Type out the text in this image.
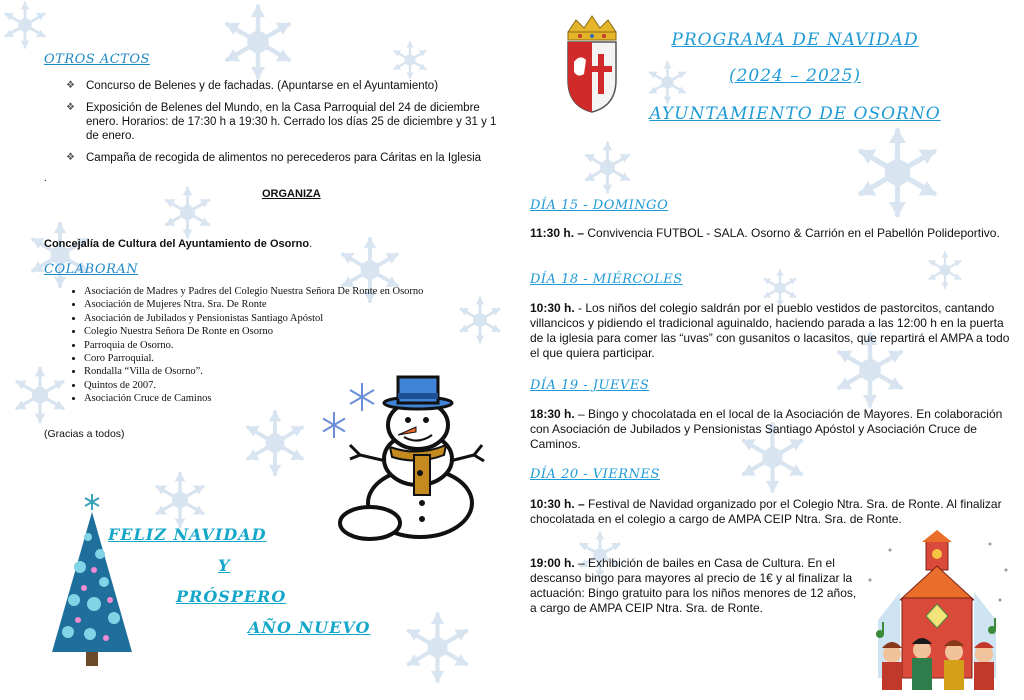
OTROS ACTOS
❖ Concurso de Belenes y de fachadas. (Apuntarse en el Ayuntamiento)
❖ Exposición de Belenes del Mundo, en la Casa Parroquial del 24 de diciembre enero. Horarios: de 17:30 h a 19:30 h. Cerrado los días 25 de diciembre y 31 y 1 de enero.
❖ Campaña de recogida de alimentos no perecederos para Cáritas en la Iglesia
.
ORGANIZA
Concejalía de Cultura del Ayuntamiento de Osorno.
COLABORAN
• Asociación de Madres y Padres del Colegio Nuestra Señora De Ronte en Osorno
• Asociación de Mujeres Ntra. Sra. De Ronte
• Asociación de Jubilados y Pensionistas Santiago Apóstol
• Colegio Nuestra Señora De Ronte en Osorno
• Parroquia de Osorno.
• Coro Parroquial.
• Rondalla “Villa de Osorno”.
• Quintos de 2007.
• Asociación Cruce de Caminos
(Gracias a todos)
FELIZ NAVIDAD
Y
PRÓSPERO
AÑO NUEVO
PROGRAMA DE NAVIDAD
(2024 – 2025)
AYUNTAMIENTO DE OSORNO
DÍA 15 - DOMINGO
11:30 h. – Convivencia FUTBOL - SALA. Osorno & Carrión en el Pabellón Polideportivo.
DÍA 18 - MIÉRCOLES
10:30 h. - Los niños del colegio saldrán por el pueblo vestidos de pastorcitos, cantando villancicos y pidiendo el tradicional aguinaldo, haciendo parada a las 12:00 h en la puerta de la iglesia para comer las “uvas” con gusanitos o lacasitos, que repartirá el AMPA a todo el que quiera participar.
DÍA 19 - JUEVES
18:30 h. – Bingo y chocolatada en el local de la Asociación de Mayores. En colaboración con Asociación de Jubilados y Pensionistas Santiago Apóstol y Asociación Cruce de Caminos.
DÍA 20 - VIERNES
10:30 h. – Festival de Navidad organizado por el Colegio Ntra. Sra. de Ronte. Al finalizar chocolatada en el colegio a cargo de AMPA CEIP Ntra. Sra. de Ronte.
19:00 h. – Exhibición de bailes en Casa de Cultura. En el descanso bingo para mayores al precio de 1€ y al finalizar la actuación: Bingo gratuito para los niños menores de 12 años, a cargo de AMPA CEIP Ntra. Sra. de Ronte.
